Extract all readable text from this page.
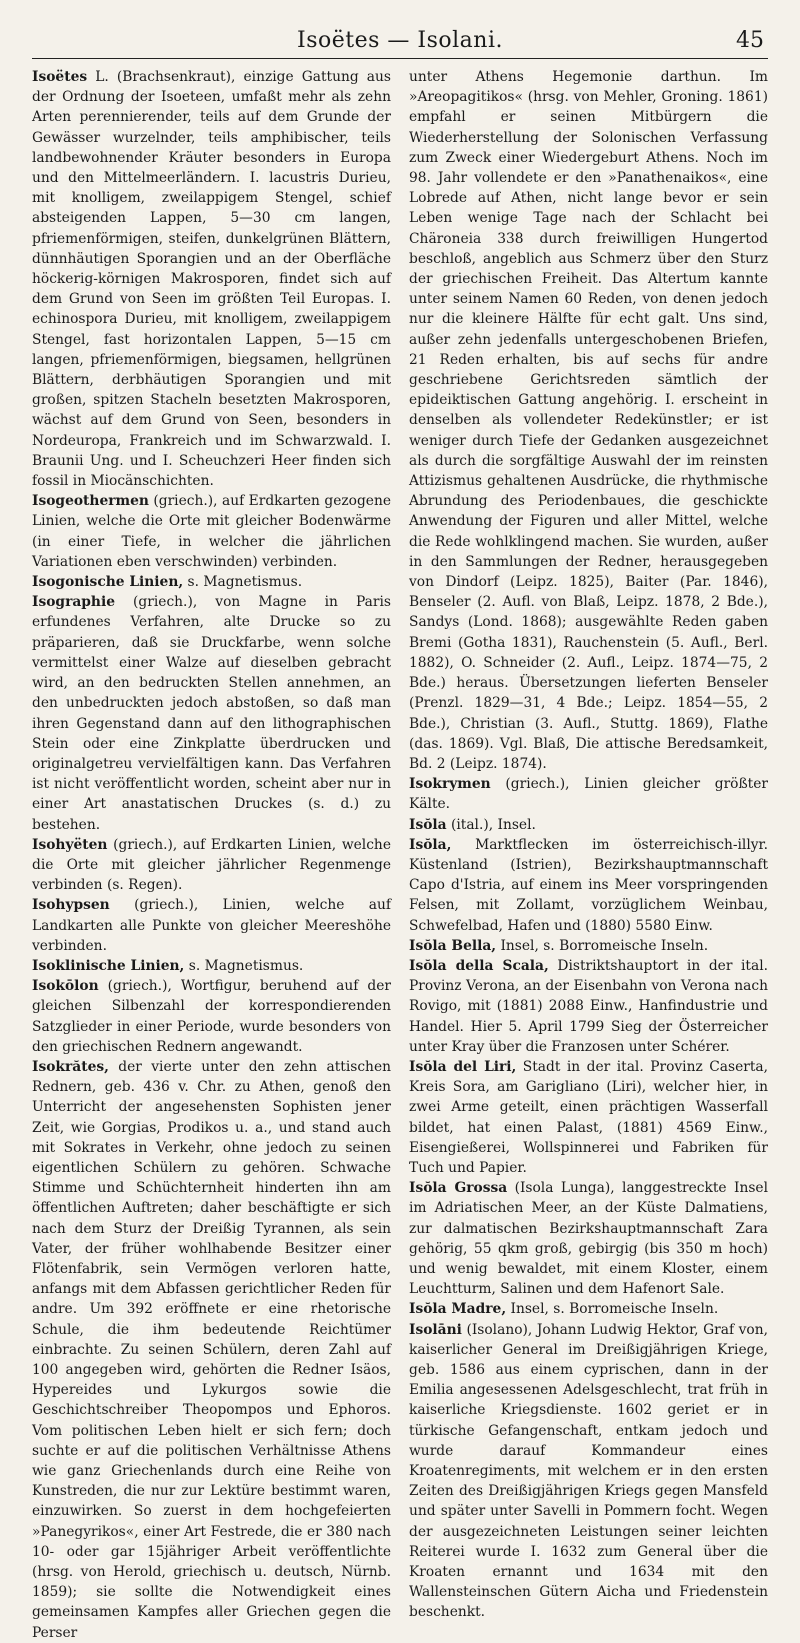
Isoëtes — Isolani.	45

Isoëtes L. (Brachsenkraut), einzige Gattung aus der Ordnung der Isoeteen, umfaßt mehr als zehn Arten perennierender, teils auf dem Grunde der Gewässer wurzelnder, teils amphibischer, teils landbewohnender Kräuter besonders in Europa und den Mittelmeerländern. I. lacustris Durieu, mit knolligem, zweilappigem Stengel, schief absteigenden Lappen, 5—30 cm langen, pfriemenförmigen, steifen, dunkelgrünen Blättern, dünnhäutigen Sporangien und an der Oberfläche höckerig-körnigen Makrosporen, findet sich auf dem Grund von Seen im größten Teil Europas. I. echinospora Durieu, mit knolligem, zweilappigem Stengel, fast horizontalen Lappen, 5—15 cm langen, pfriemenförmigen, biegsamen, hellgrünen Blättern, derbhäutigen Sporangien und mit großen, spitzen Stacheln besetzten Makrosporen, wächst auf dem Grund von Seen, besonders in Nordeuropa, Frankreich und im Schwarzwald. I. Braunii Ung. und I. Scheuchzeri Heer finden sich fossil in Miocänschichten.

Isogeothermen (griech.), auf Erdkarten gezogene Linien, welche die Orte mit gleicher Bodenwärme (in einer Tiefe, in welcher die jährlichen Variationen eben verschwinden) verbinden.

Isogonische Linien, s. Magnetismus.

Isographie (griech.), von Magne in Paris erfundenes Verfahren, alte Drucke so zu präparieren, daß sie Druckfarbe, wenn solche vermittelst einer Walze auf dieselben gebracht wird, an den bedruckten Stellen annehmen, an den unbedruckten jedoch abstoßen, so daß man ihren Gegenstand dann auf den lithographischen Stein oder eine Zinkplatte überdrucken und originalgetreu vervielfältigen kann. Das Verfahren ist nicht veröffentlicht worden, scheint aber nur in einer Art anastatischen Druckes (s. d.) zu bestehen.

Isohyëten (griech.), auf Erdkarten Linien, welche die Orte mit gleicher jährlicher Regenmenge verbinden (s. Regen).

Isohypsen (griech.), Linien, welche auf Landkarten alle Punkte von gleicher Meereshöhe verbinden.

Isoklinische Linien, s. Magnetismus.

Isokōlon (griech.), Wortfigur, beruhend auf der gleichen Silbenzahl der korrespondierenden Satzglieder in einer Periode, wurde besonders von den griechischen Rednern angewandt.

Isokrătes, der vierte unter den zehn attischen Rednern, geb. 436 v. Chr. zu Athen, genoß den Unterricht der angesehensten Sophisten jener Zeit, wie Gorgias, Prodikos u. a., und stand auch mit Sokrates in Verkehr, ohne jedoch zu seinen eigentlichen Schülern zu gehören. Schwache Stimme und Schüchternheit hinderten ihn am öffentlichen Auftreten; daher beschäftigte er sich nach dem Sturz der Dreißig Tyrannen, als sein Vater, der früher wohlhabende Besitzer einer Flötenfabrik, sein Vermögen verloren hatte, anfangs mit dem Abfassen gerichtlicher Reden für andre. Um 392 eröffnete er eine rhetorische Schule, die ihm bedeutende Reichtümer einbrachte. Zu seinen Schülern, deren Zahl auf 100 angegeben wird, gehörten die Redner Isäos, Hypereides und Lykurgos sowie die Geschichtschreiber Theopompos und Ephoros. Vom politischen Leben hielt er sich fern; doch suchte er auf die politischen Verhältnisse Athens wie ganz Griechenlands durch eine Reihe von Kunstreden, die nur zur Lektüre bestimmt waren, einzuwirken. So zuerst in dem hochgefeierten »Panegyrikos«, einer Art Festrede, die er 380 nach 10- oder gar 15jähriger Arbeit veröffentlichte (hrsg. von Herold, griechisch u. deutsch, Nürnb. 1859); sie sollte die Notwendigkeit eines gemeinsamen Kampfes aller Griechen gegen die Perser

unter Athens Hegemonie darthun. Im »Areopagitikos« (hrsg. von Mehler, Groning. 1861) empfahl er seinen Mitbürgern die Wiederherstellung der Solonischen Verfassung zum Zweck einer Wiedergeburt Athens. Noch im 98. Jahr vollendete er den »Panathenaikos«, eine Lobrede auf Athen, nicht lange bevor er sein Leben wenige Tage nach der Schlacht bei Chäroneia 338 durch freiwilligen Hungertod beschloß, angeblich aus Schmerz über den Sturz der griechischen Freiheit. Das Altertum kannte unter seinem Namen 60 Reden, von denen jedoch nur die kleinere Hälfte für echt galt. Uns sind, außer zehn jedenfalls untergeschobenen Briefen, 21 Reden erhalten, bis auf sechs für andre geschriebene Gerichtsreden sämtlich der epideiktischen Gattung angehörig. I. erscheint in denselben als vollendeter Redekünstler; er ist weniger durch Tiefe der Gedanken ausgezeichnet als durch die sorgfältige Auswahl der im reinsten Attizismus gehaltenen Ausdrücke, die rhythmische Abrundung des Periodenbaues, die geschickte Anwendung der Figuren und aller Mittel, welche die Rede wohlklingend machen. Sie wurden, außer in den Sammlungen der Redner, herausgegeben von Dindorf (Leipz. 1825), Baiter (Par. 1846), Benseler (2. Aufl. von Blaß, Leipz. 1878, 2 Bde.), Sandys (Lond. 1868); ausgewählte Reden gaben Bremi (Gotha 1831), Rauchenstein (5. Aufl., Berl. 1882), O. Schneider (2. Aufl., Leipz. 1874—75, 2 Bde.) heraus. Übersetzungen lieferten Benseler (Prenzl. 1829—31, 4 Bde.; Leipz. 1854—55, 2 Bde.), Christian (3. Aufl., Stuttg. 1869), Flathe (das. 1869). Vgl. Blaß, Die attische Beredsamkeit, Bd. 2 (Leipz. 1874).

Isokrymen (griech.), Linien gleicher größter Kälte.

Isŏla (ital.), Insel.

Isŏla, Marktflecken im österreichisch-illyr. Küstenland (Istrien), Bezirkshauptmannschaft Capo d'Istria, auf einem ins Meer vorspringenden Felsen, mit Zollamt, vorzüglichem Weinbau, Schwefelbad, Hafen und (1880) 5580 Einw.

Isŏla Bella, Insel, s. Borromeische Inseln.

Isŏla della Scala, Distriktshauptort in der ital. Provinz Verona, an der Eisenbahn von Verona nach Rovigo, mit (1881) 2088 Einw., Hanfindustrie und Handel. Hier 5. April 1799 Sieg der Österreicher unter Kray über die Franzosen unter Schérer.

Isŏla del Liri, Stadt in der ital. Provinz Caserta, Kreis Sora, am Garigliano (Liri), welcher hier, in zwei Arme geteilt, einen prächtigen Wasserfall bildet, hat einen Palast, (1881) 4569 Einw., Eisengießerei, Wollspinnerei und Fabriken für Tuch und Papier.

Isŏla Grossa (Isola Lunga), langgestreckte Insel im Adriatischen Meer, an der Küste Dalmatiens, zur dalmatischen Bezirkshauptmannschaft Zara gehörig, 55 qkm groß, gebirgig (bis 350 m hoch) und wenig bewaldet, mit einem Kloster, einem Leuchtturm, Salinen und dem Hafenort Sale.

Isŏla Madre, Insel, s. Borromeische Inseln.

Isolāni (Isolano), Johann Ludwig Hektor, Graf von, kaiserlicher General im Dreißigjährigen Kriege, geb. 1586 aus einem cyprischen, dann in der Emilia angesessenen Adelsgeschlecht, trat früh in kaiserliche Kriegsdienste. 1602 geriet er in türkische Gefangenschaft, entkam jedoch und wurde darauf Kommandeur eines Kroatenregiments, mit welchem er in den ersten Zeiten des Dreißigjährigen Kriegs gegen Mansfeld und später unter Savelli in Pommern focht. Wegen der ausgezeichneten Leistungen seiner leichten Reiterei wurde I. 1632 zum General über die Kroaten ernannt und 1634 mit den Wallensteinschen Gütern Aicha und Friedenstein beschenkt.
